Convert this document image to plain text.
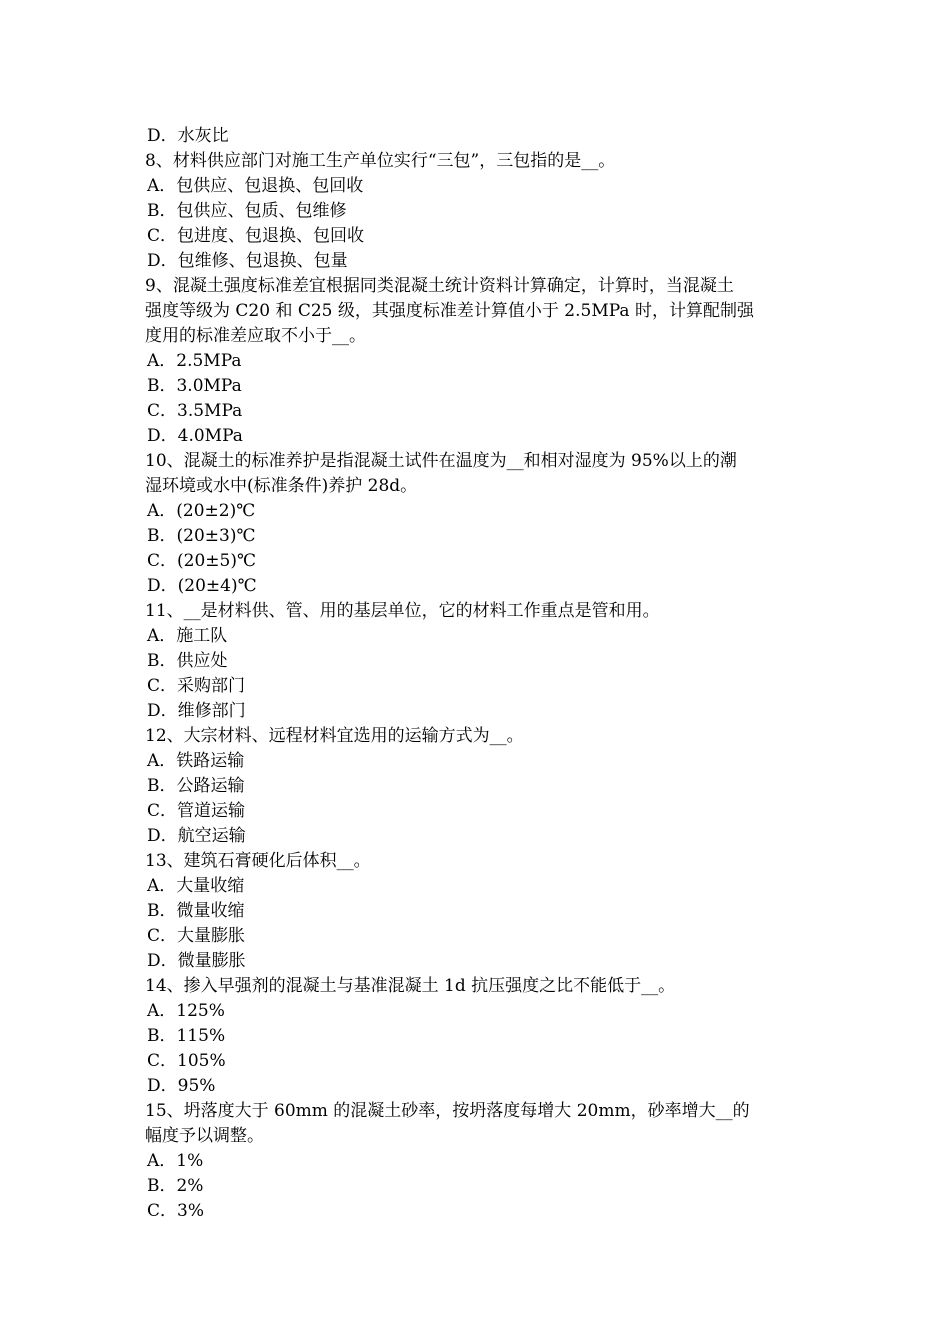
D．水灰比

8、材料供应部门对施工生产单位实行“三包”，三包指的是__。

A．包供应、包退换、包回收

B．包供应、包质、包维修

C．包进度、包退换、包回收

D．包维修、包退换、包量

9、混凝土强度标准差宜根据同类混凝土统计资料计算确定，计算时，当混凝土

强度等级为 C20 和 C25 级，其强度标准差计算值小于 2.5MPa 时，计算配制强

度用的标准差应取不小于__。

A．2.5MPa

B．3.0MPa

C．3.5MPa

D．4.0MPa

10、混凝土的标准养护是指混凝土试件在温度为__和相对湿度为 95%以上的潮

湿环境或水中(标准条件)养护 28d。

A．(20±2)℃

B．(20±3)℃

C．(20±5)℃

D．(20±4)℃

11、__是材料供、管、用的基层单位，它的材料工作重点是管和用。

A．施工队

B．供应处

C．采购部门

D．维修部门

12、大宗材料、远程材料宜选用的运输方式为__。

A．铁路运输

B．公路运输

C．管道运输

D．航空运输

13、建筑石膏硬化后体积__。

A．大量收缩

B．微量收缩

C．大量膨胀

D．微量膨胀

14、掺入早强剂的混凝土与基准混凝土 1d 抗压强度之比不能低于__。

A．125%

B．115%

C．105%

D．95%

15、坍落度大于 60mm 的混凝土砂率，按坍落度每增大 20mm，砂率增大__的

幅度予以调整。

A．1%

B．2%

C．3%
